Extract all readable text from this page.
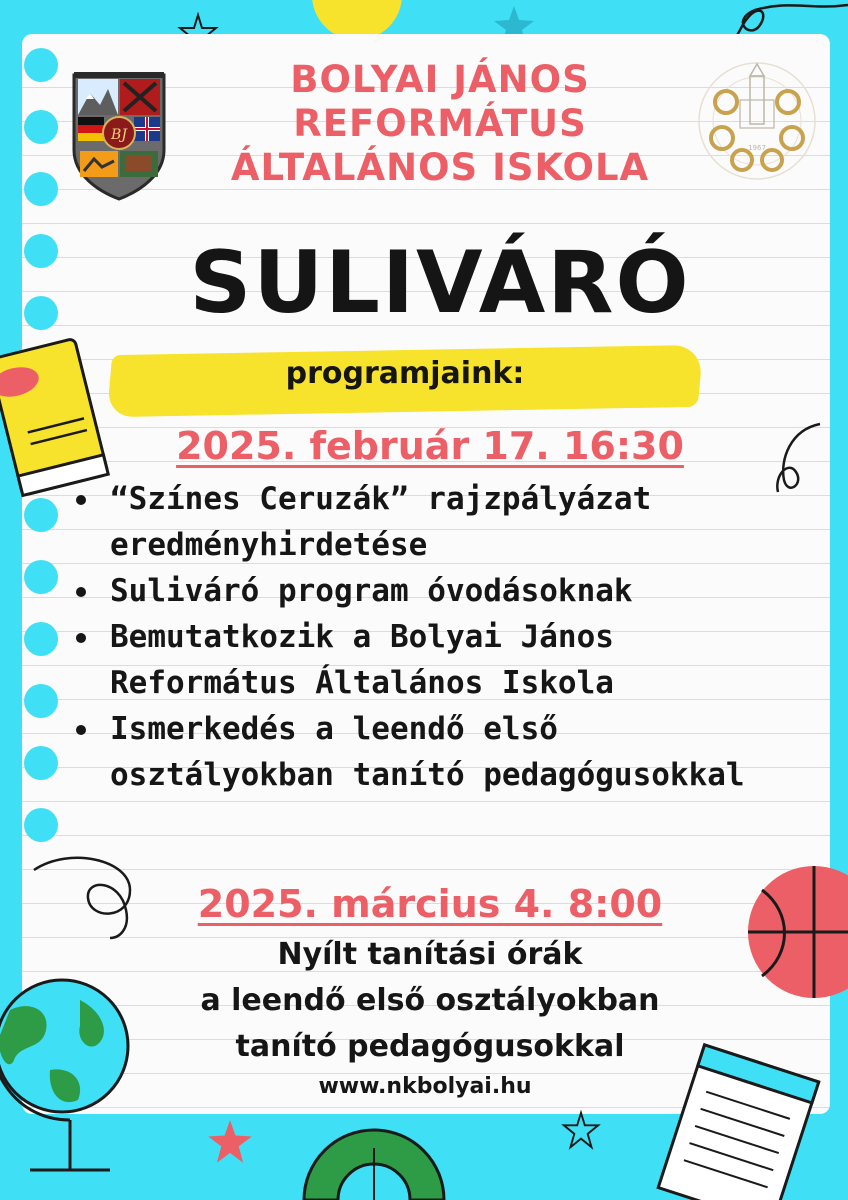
BJ
1967
BOLYAI JÁNOS
REFORMÁTUS
ÁLTALÁNOS ISKOLA
SULIVÁRÓ
programjaink:
2025. február 17. 16:30
“Színes Ceruzák” rajzpályázat eredményhirdetése
Suliváró program óvodásoknak
Bemutatkozik a Bolyai János Református Általános Iskola
Ismerkedés a leendő első osztályokban tanító pedagógusokkal
2025. március 4. 8:00
Nyílt tanítási órák
a leendő első osztályokban
tanító pedagógusokkal
www.nkbolyai.hu
